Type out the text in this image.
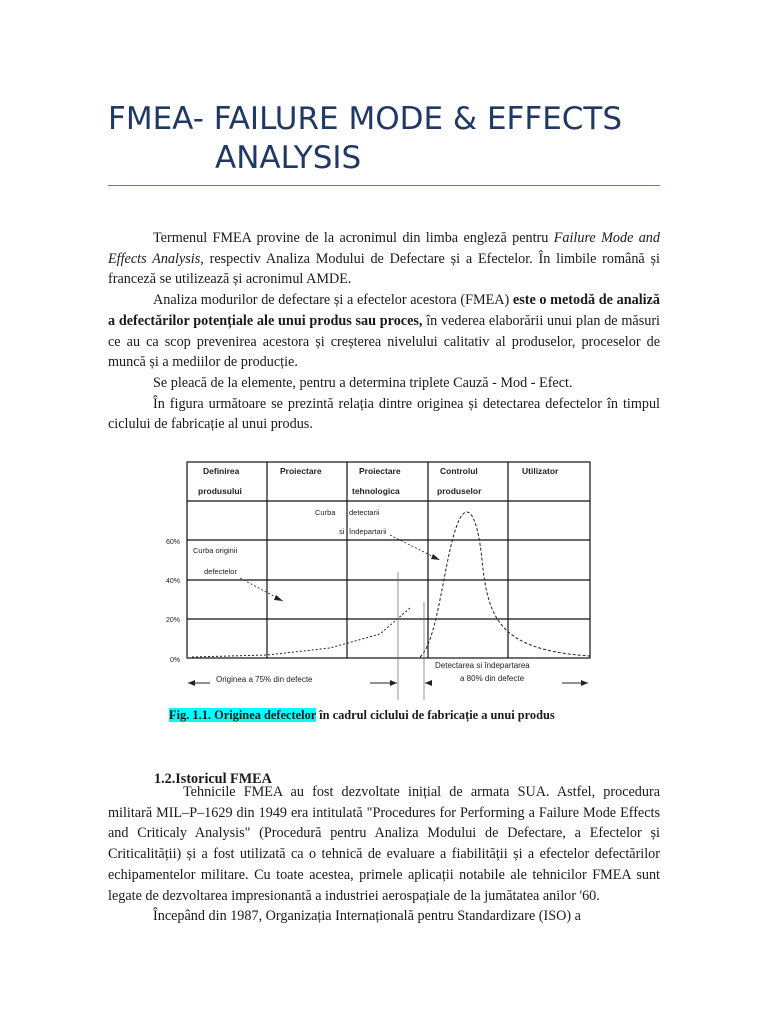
FMEA- FAILURE MODE & EFFECTS
ANALYSIS

Termenul FMEA provine de la acronimul din limba engleză pentru Failure Mode and Effects Analysis, respectiv Analiza Modului de Defectare și a Efectelor. În limbile română și franceză se utilizează și acronimul AMDE.

Analiza modurilor de defectare și a efectelor acestora (FMEA) este o metodă de analiză a defectărilor potențiale ale unui produs sau proces, în vederea elaborării unui plan de măsuri ce au ca scop prevenirea acestora și creșterea nivelului calitativ al produselor, proceselor de muncă și a mediilor de producție.

Se pleacă de la elemente, pentru a determina triplete Cauză - Mod - Efect.

În figura următoare se prezintă relația dintre originea și detectarea defectelor în timpul ciclului de fabricație al unui produs.

Definirea
produsului
Proiectare	Proiectare
tehnologica
Controlul
produselor
Utilizator
60%
40%
20%
0%
Curba detectarii
si îndepartarii
Curba originii
defectelor
Originea a 75% din defecte
Detectarea si îndepartarea
a 80% din defecte
Fig. 1.1. Originea defectelor în cadrul ciclului de fabricație a unui produs
1.2.Istoricul FMEA

Tehnicile FMEA au fost dezvoltate inițial de armata SUA. Astfel, procedura militară MIL–P–1629 din 1949 era intitulată "Procedures for Performing a Failure Mode Effects and Criticaly Analysis" (Procedură pentru Analiza Modului de Defectare, a Efectelor și Criticalității) și a fost utilizată ca o tehnică de evaluare a fiabilității și a efectelor defectărilor echipamentelor militare. Cu toate acestea, primele aplicații notabile ale tehnicilor FMEA sunt legate de dezvoltarea impresionantă a industriei aerospațiale de la jumătatea anilor '60.

Începând din 1987, Organizația Internațională pentru Standardizare (ISO) a
